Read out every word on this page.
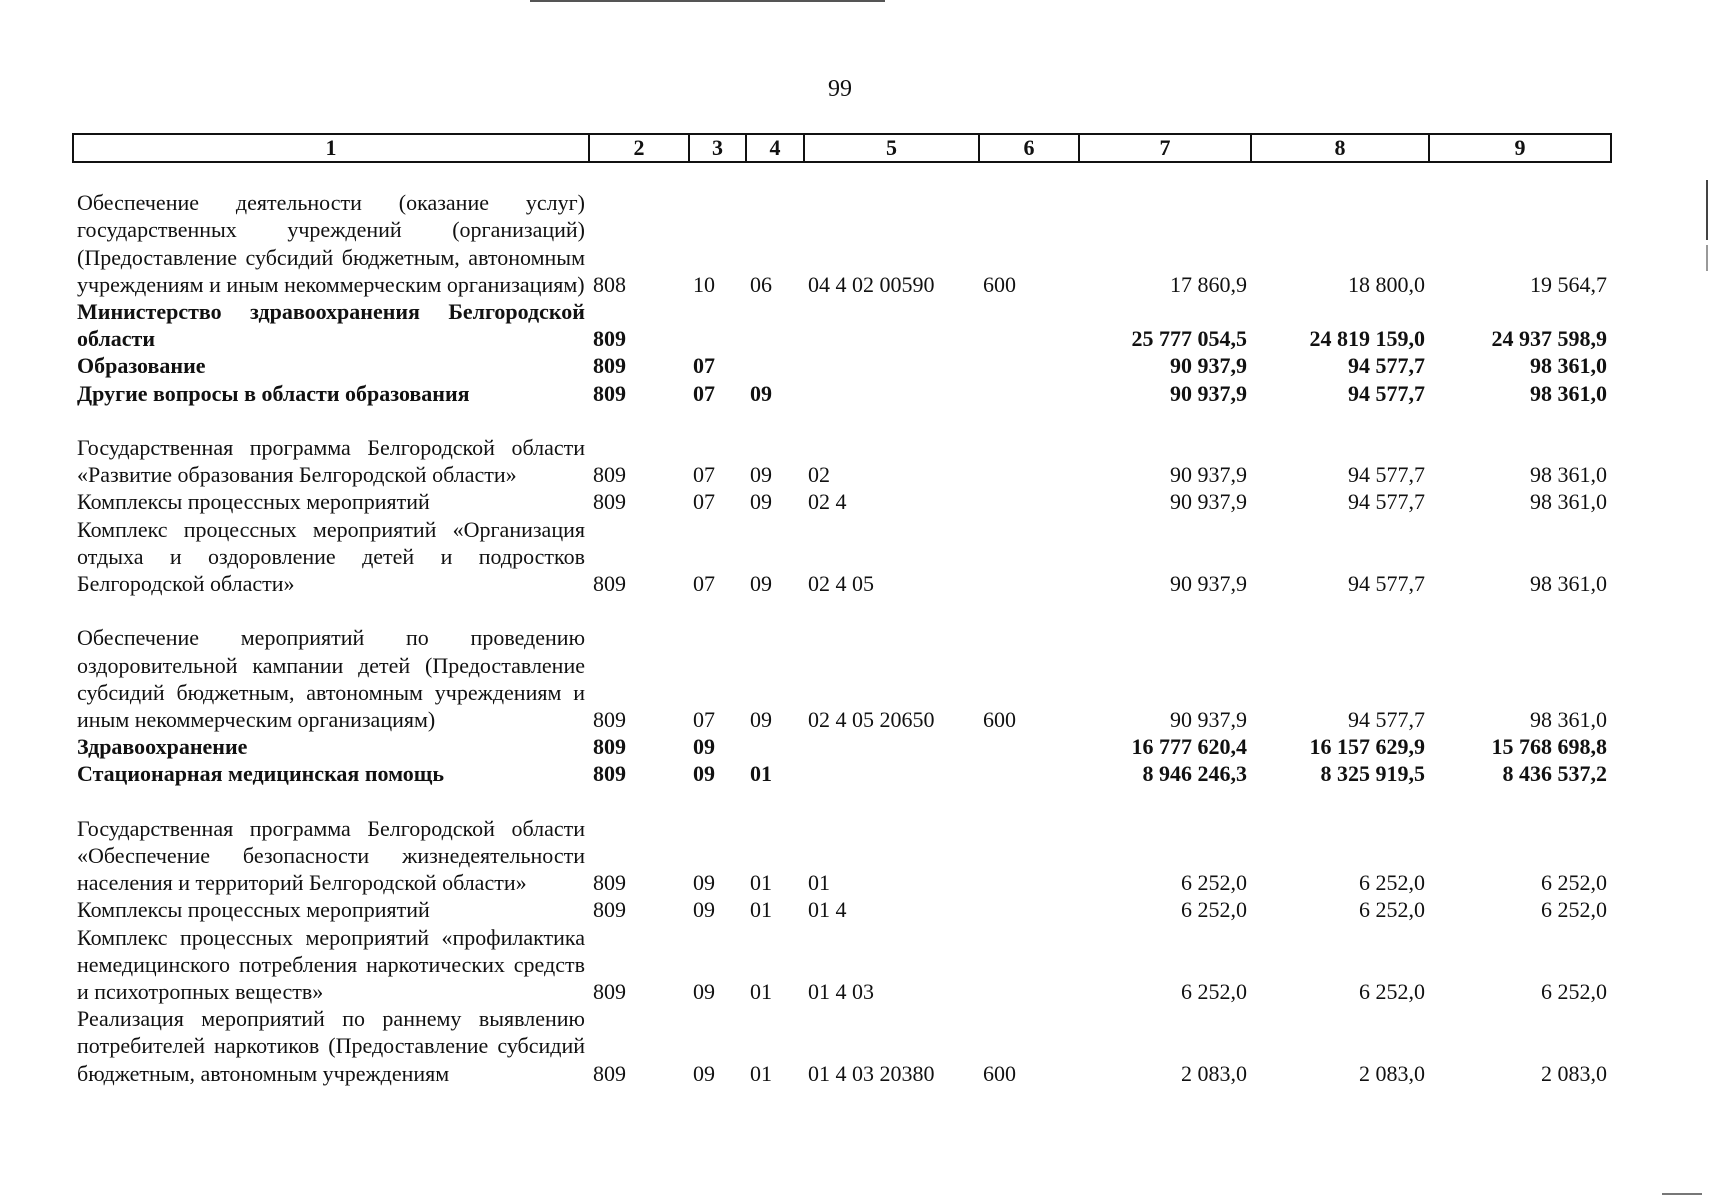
99
1	2	3	4	5	6	7	8	9
Обеспечение деятельности (оказание услуг) государственных учреждений (организаций) (Предоставление субсидий бюджетным, автономным учреждениям и иным некоммерческим организациям)	808	10	06	04 4 02 00590	600	17 860,9	18 800,0	19 564,7
Министерство здравоохранения Белгородской области	809					25 777 054,5	24 819 159,0	24 937 598,9
Образование	809	07				90 937,9	94 577,7	98 361,0
Другие вопросы в области образования	809	07	09			90 937,9	94 577,7	98 361,0
Государственная программа Белгородской области «Развитие образования Белгородской области»	809	07	09	02		90 937,9	94 577,7	98 361,0
Комплексы процессных мероприятий	809	07	09	02 4		90 937,9	94 577,7	98 361,0
Комплекс процессных мероприятий «Организация отдыха и оздоровление детей и подростков Белгородской области»	809	07	09	02 4 05		90 937,9	94 577,7	98 361,0
Обеспечение мероприятий по проведению оздоровительной кампании детей (Предоставление субсидий бюджетным, автономным учреждениям и иным некоммерческим организациям)	809	07	09	02 4 05 20650	600	90 937,9	94 577,7	98 361,0
Здравоохранение	809	09				16 777 620,4	16 157 629,9	15 768 698,8
Стационарная медицинская помощь	809	09	01			8 946 246,3	8 325 919,5	8 436 537,2
Государственная программа Белгородской области «Обеспечение безопасности жизнедеятельности населения и территорий Белгородской области»	809	09	01	01		6 252,0	6 252,0	6 252,0
Комплексы процессных мероприятий	809	09	01	01 4		6 252,0	6 252,0	6 252,0
Комплекс процессных мероприятий «профилактика немедицинского потребления наркотических средств и психотропных веществ»	809	09	01	01 4 03		6 252,0	6 252,0	6 252,0
Реализация мероприятий по раннему выявлению потребителей наркотиков (Предоставление субсидий бюджетным, автономным учреждениям	809	09	01	01 4 03 20380	600	2 083,0	2 083,0	2 083,0
